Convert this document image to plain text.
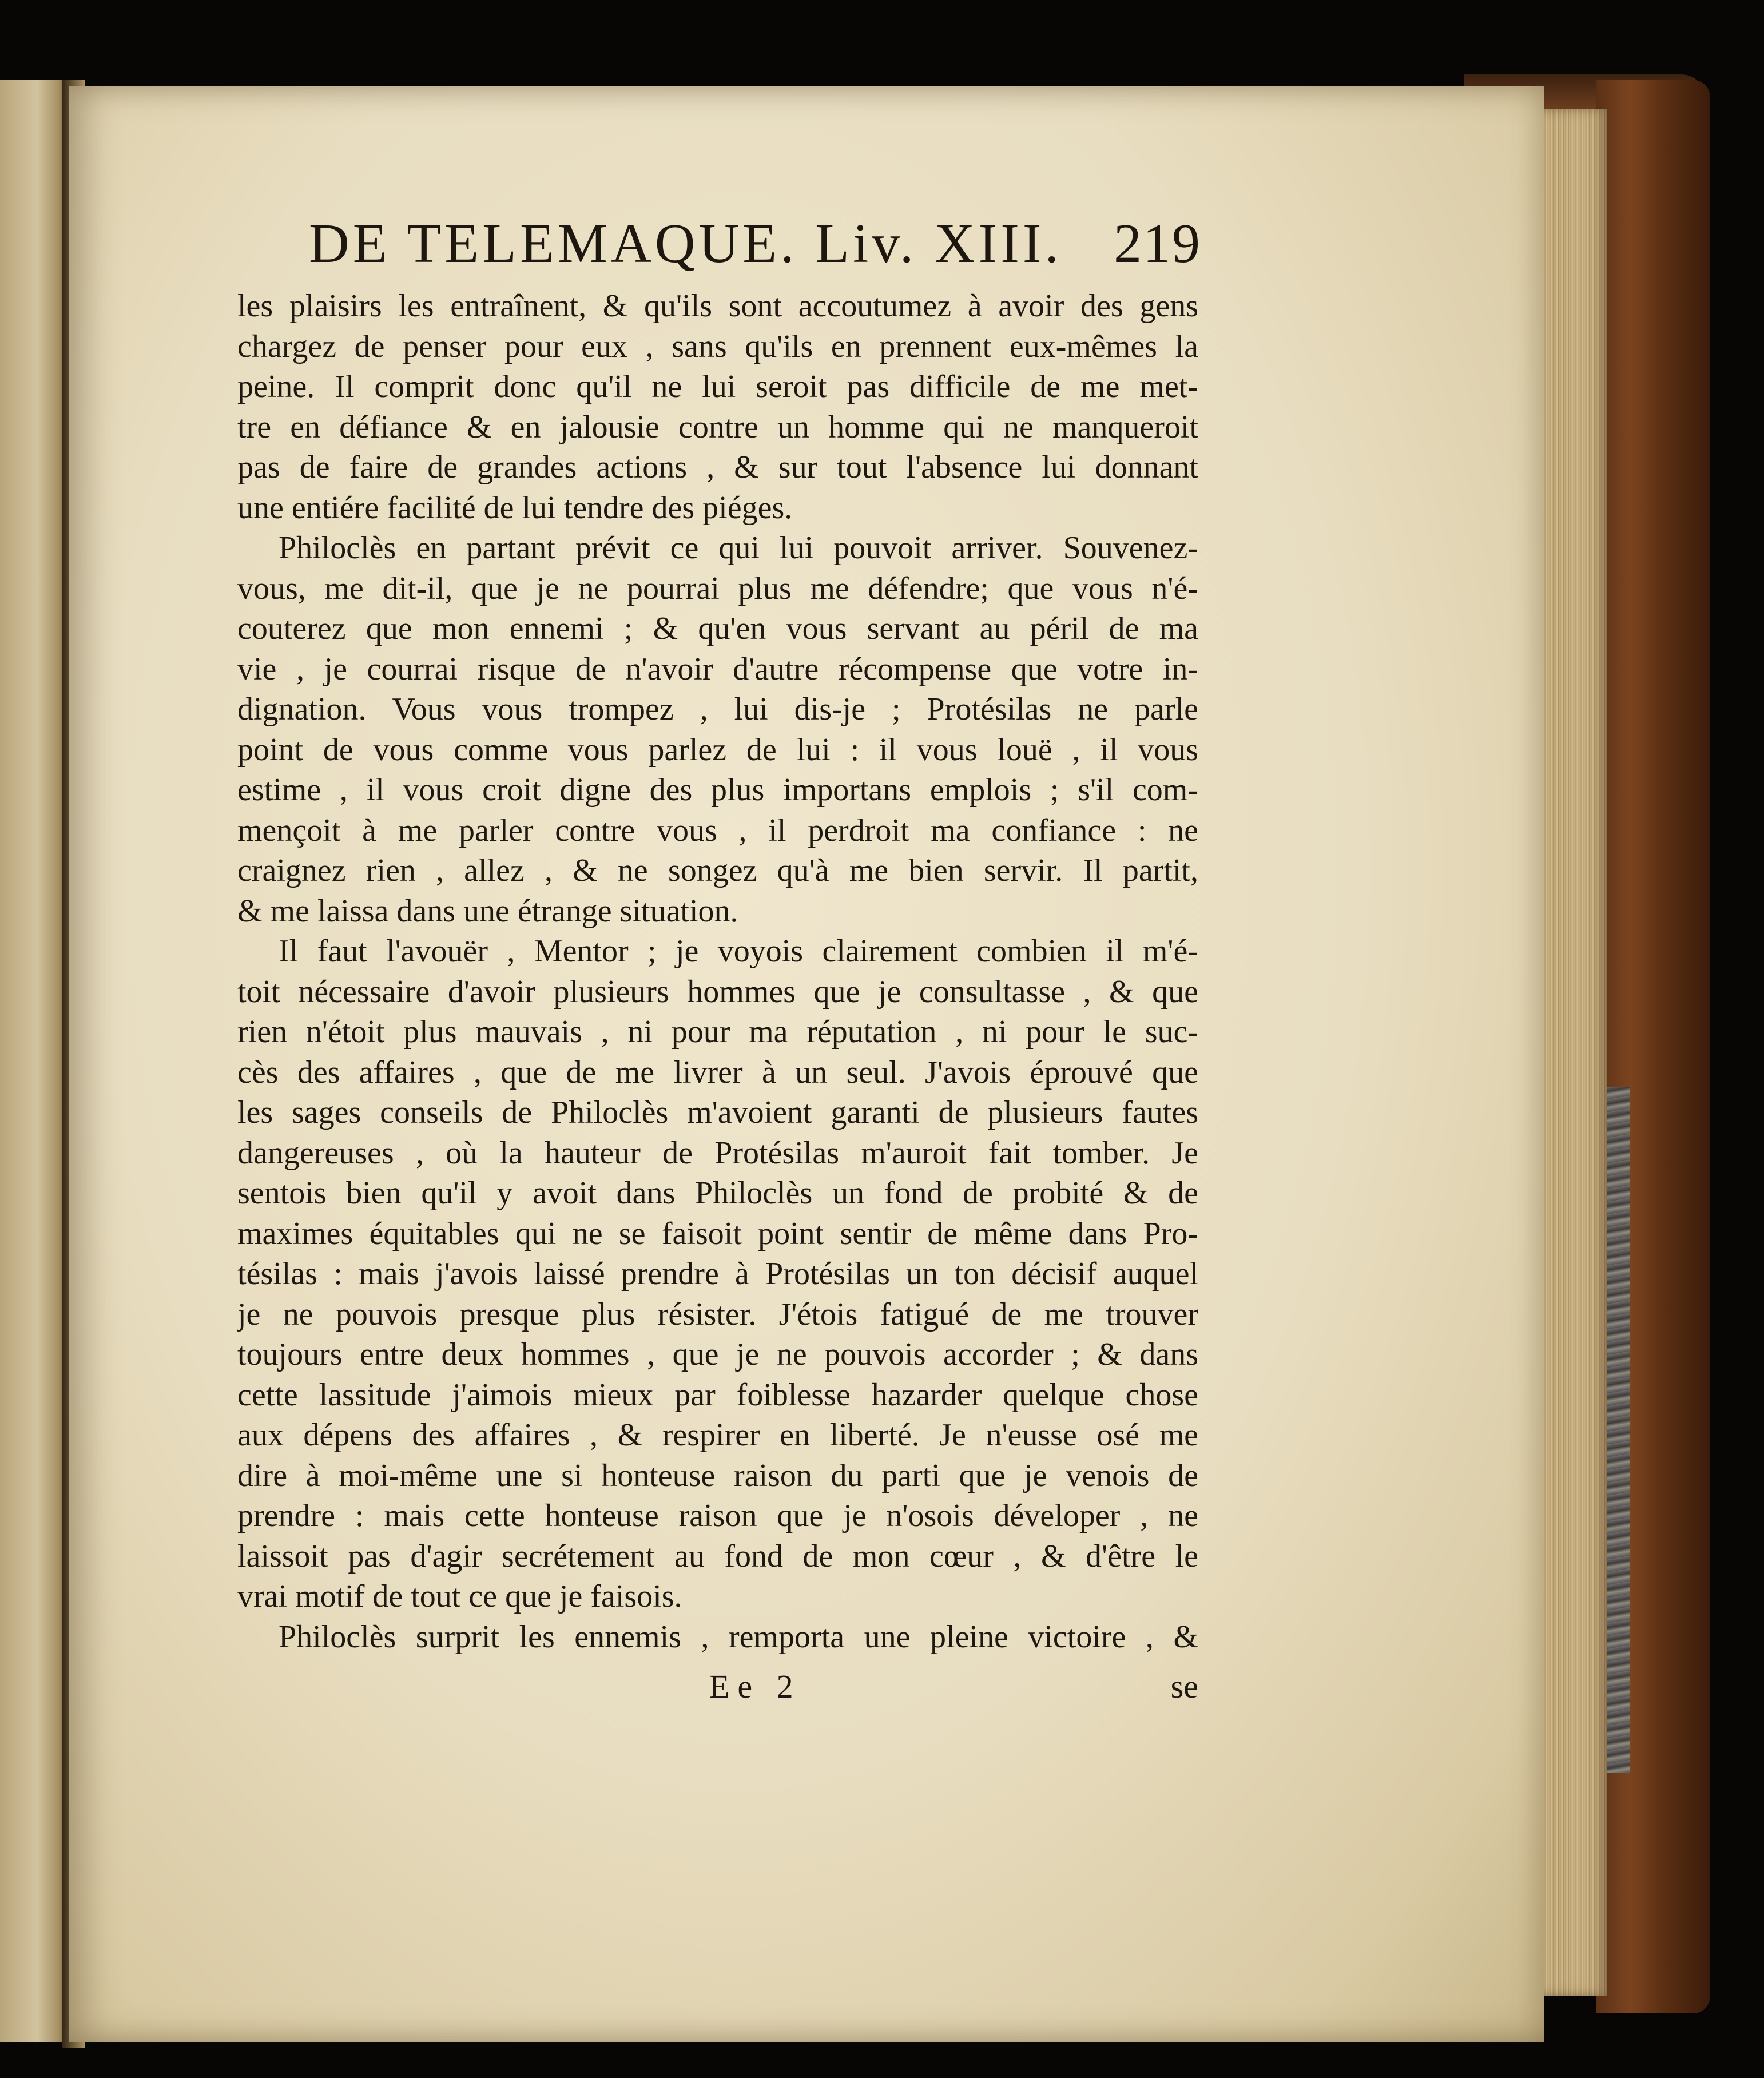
DE TELEMAQUE. Liv. XIII. 219
les plaisirs les entraînent, & qu'ils sont accoutumez à avoir des gens
chargez de penser pour eux , sans qu'ils en prennent eux-mêmes la
peine. Il comprit donc qu'il ne lui seroit pas difficile de me met-
tre en défiance & en jalousie contre un homme qui ne manqueroit
pas de faire de grandes actions , & sur tout l'absence lui donnant
une entiére facilité de lui tendre des piéges.
Philoclès en partant prévit ce qui lui pouvoit arriver. Souvenez-
vous, me dit-il, que je ne pourrai plus me défendre; que vous n'é-
couterez que mon ennemi ; & qu'en vous servant au péril de ma
vie , je courrai risque de n'avoir d'autre récompense que votre in-
dignation. Vous vous trompez , lui dis-je ; Protésilas ne parle
point de vous comme vous parlez de lui : il vous louë , il vous
estime , il vous croit digne des plus importans emplois ; s'il com-
mençoit à me parler contre vous , il perdroit ma confiance : ne
craignez rien , allez , & ne songez qu'à me bien servir. Il partit,
& me laissa dans une étrange situation.
Il faut l'avouër , Mentor ; je voyois clairement combien il m'é-
toit nécessaire d'avoir plusieurs hommes que je consultasse , & que
rien n'étoit plus mauvais , ni pour ma réputation , ni pour le suc-
cès des affaires , que de me livrer à un seul. J'avois éprouvé que
les sages conseils de Philoclès m'avoient garanti de plusieurs fautes
dangereuses , où la hauteur de Protésilas m'auroit fait tomber. Je
sentois bien qu'il y avoit dans Philoclès un fond de probité & de
maximes équitables qui ne se faisoit point sentir de même dans Pro-
tésilas : mais j'avois laissé prendre à Protésilas un ton décisif auquel
je ne pouvois presque plus résister. J'étois fatigué de me trouver
toujours entre deux hommes , que je ne pouvois accorder ; & dans
cette lassitude j'aimois mieux par foiblesse hazarder quelque chose
aux dépens des affaires , & respirer en liberté. Je n'eusse osé me
dire à moi-même une si honteuse raison du parti que je venois de
prendre : mais cette honteuse raison que je n'osois déveloper , ne
laissoit pas d'agir secrétement au fond de mon cœur , & d'être le
vrai motif de tout ce que je faisois.
Philoclès surprit les ennemis , remporta une pleine victoire , &
Ee 2	se
